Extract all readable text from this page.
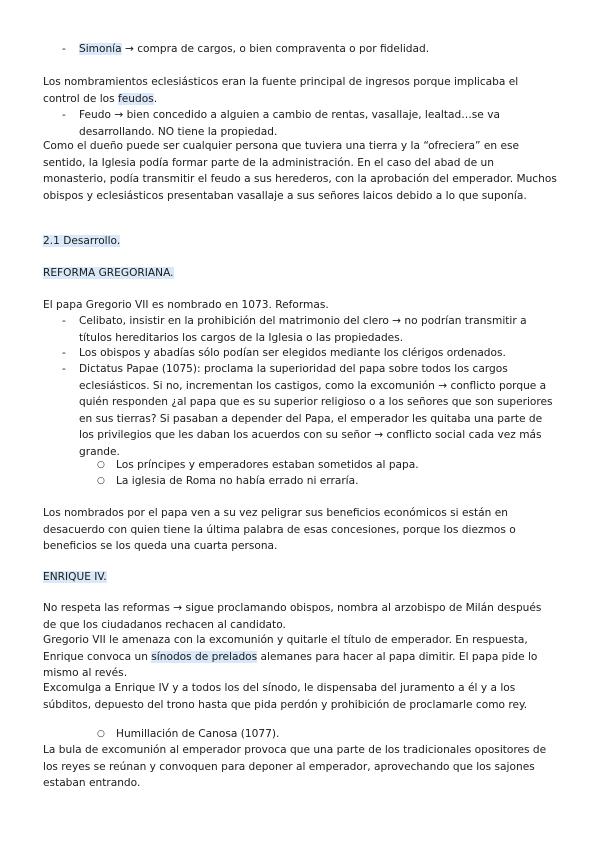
- Simonía → compra de cargos, o bien compraventa o por fidelidad.

Los nombramientos eclesiásticos eran la fuente principal de ingresos porque implicaba el control de los feudos.

- Feudo → bien concedido a alguien a cambio de rentas, vasallaje, lealtad…se va desarrollando. NO tiene la propiedad.

Como el dueño puede ser cualquier persona que tuviera una tierra y la “ofreciera” en ese sentido, la Iglesia podía formar parte de la administración. En el caso del abad de un monasterio, podía transmitir el feudo a sus herederos, con la aprobación del emperador. Muchos obispos y eclesiásticos presentaban vasallaje a sus señores laicos debido a lo que suponía.

2.1 Desarrollo.

REFORMA GREGORIANA.

El papa Gregorio VII es nombrado en 1073. Reformas.

- Celibato, insistir en la prohibición del matrimonio del clero → no podrían transmitir a títulos hereditarios los cargos de la Iglesia o las propiedades.
- Los obispos y abadías sólo podían ser elegidos mediante los clérigos ordenados.
- Dictatus Papae (1075): proclama la superioridad del papa sobre todos los cargos eclesiásticos. Si no, incrementan los castigos, como la excomunión → conflicto porque a quién responden ¿al papa que es su superior religioso o a los señores que son superiores en sus tierras? Si pasaban a depender del Papa, el emperador les quitaba una parte de los privilegios que les daban los acuerdos con su señor → conflicto social cada vez más grande.
○ Los príncipes y emperadores estaban sometidos al papa.
○ La iglesia de Roma no había errado ni erraría.

Los nombrados por el papa ven a su vez peligrar sus beneficios económicos si están en desacuerdo con quien tiene la última palabra de esas concesiones, porque los diezmos o beneficios se los queda una cuarta persona.

ENRIQUE IV.

No respeta las reformas → sigue proclamando obispos, nombra al arzobispo de Milán después de que los ciudadanos rechacen al candidato.

Gregorio VII le amenaza con la excomunión y quitarle el título de emperador. En respuesta, Enrique convoca un sínodos de prelados alemanes para hacer al papa dimitir. El papa pide lo mismo al revés.

Excomulga a Enrique IV y a todos los del sínodo, le dispensaba del juramento a él y a los súbditos, depuesto del trono hasta que pida perdón y prohibición de proclamarle como rey.

○ Humillación de Canosa (1077).

La bula de excomunión al emperador provoca que una parte de los tradicionales opositores de los reyes se reúnan y convoquen para deponer al emperador, aprovechando que los sajones estaban entrando.
